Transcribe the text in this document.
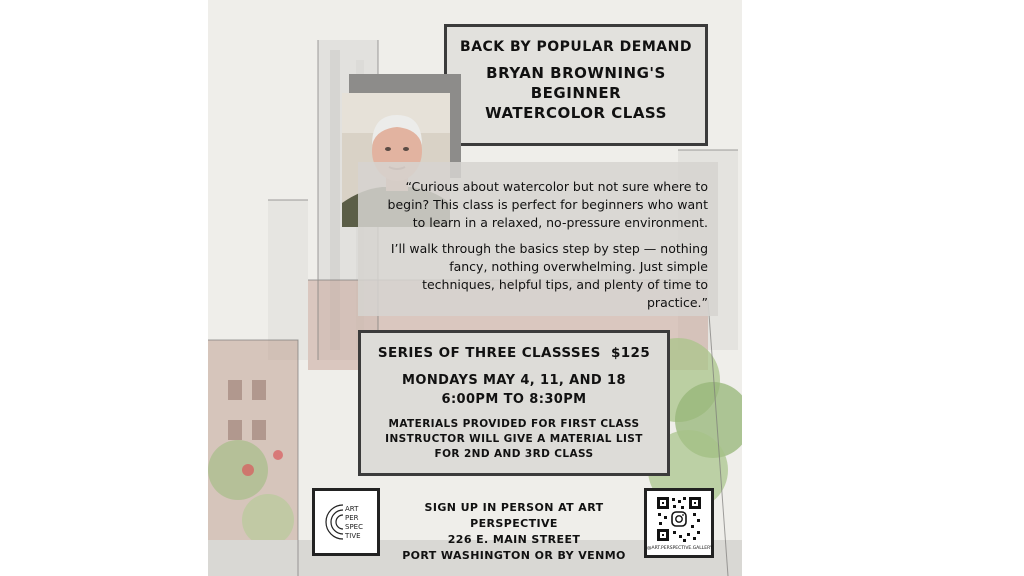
BACK BY POPULAR DEMAND
BRYAN BROWNING'S
BEGINNER
WATERCOLOR CLASS

“Curious about watercolor but not sure where to begin? This class is perfect for beginners who want to learn in a relaxed, no-pressure environment.

I’ll walk through the basics step by step — nothing fancy, nothing overwhelming. Just simple techniques, helpful tips, and plenty of time to practice.”

SERIES OF THREE CLASSSES  $125
MONDAYS MAY 4, 11, AND 18
6:00PM TO 8:30PM
MATERIALS PROVIDED FOR FIRST CLASS
INSTRUCTOR WILL GIVE A MATERIAL LIST
FOR 2ND AND 3RD CLASS
ART
PER
SPEC
TIVE
SIGN UP IN PERSON AT ART PERSPECTIVE
226 E. MAIN STREET
PORT WASHINGTON OR BY VENMO
@ART.PERSPECTIVE.GALLERY
